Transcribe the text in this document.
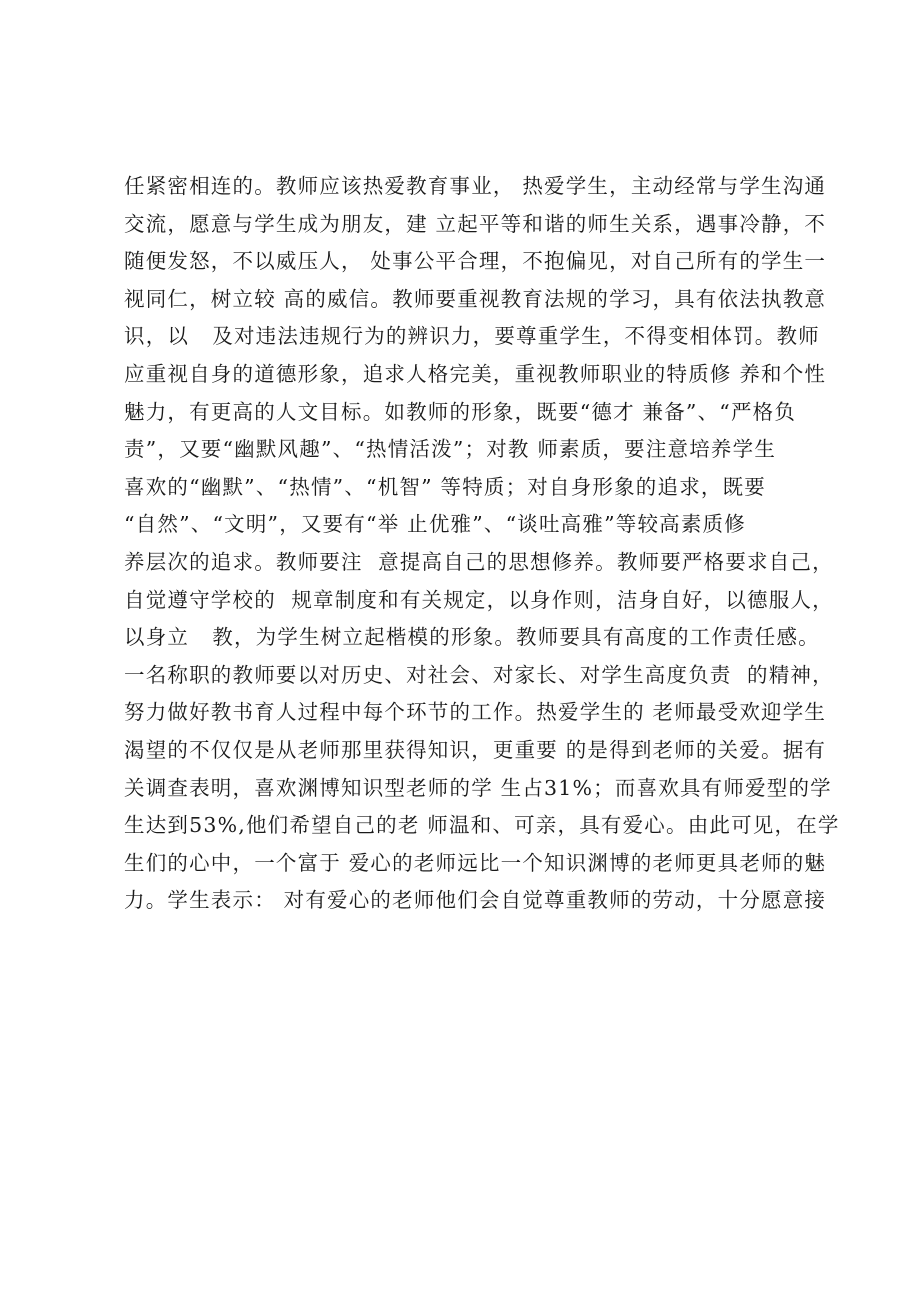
任紧密相连的。教师应该热爱教育事业， 热爱学生，主动经常与学生沟通
交流，愿意与学生成为朋友，建 立起平等和谐的师生关系，遇事冷静，不
随便发怒，不以威压人， 处事公平合理，不抱偏见，对自己所有的学生一
视同仁，树立较 高的威信。教师要重视教育法规的学习，具有依法执教意
识，以   及对违法违规行为的辨识力，要尊重学生，不得变相体罚。教师
应重视自身的道德形象，追求人格完美，重视教师职业的特质修 养和个性
魅力，有更高的人文目标。如教师的形象，既要“德才 兼备”、“严格负
责”，又要“幽默风趣”、“热情活泼”；对教 师素质，要注意培养学生
喜欢的“幽默”、“热情”、“机智” 等特质；对自身形象的追求，既要
“自然”、“文明”，又要有“举 止优雅”、“谈吐高雅”等较高素质修
养层次的追求。教师要注  意提高自己的思想修养。教师要严格要求自己，
自觉遵守学校的  规章制度和有关规定，以身作则，洁身自好，以德服人，
以身立   教，为学生树立起楷模的形象。教师要具有高度的工作责任感。
一名称职的教师要以对历史、对社会、对家长、对学生高度负责  的精神，
努力做好教书育人过程中每个环节的工作。热爱学生的 老师最受欢迎学生
渴望的不仅仅是从老师那里获得知识，更重要 的是得到老师的关爱。据有
关调查表明，喜欢渊博知识型老师的学 生占31%；而喜欢具有师爱型的学
生达到53%,他们希望自己的老 师温和、可亲，具有爱心。由此可见，在学
生们的心中，一个富于 爱心的老师远比一个知识渊博的老师更具老师的魅
力。学生表示： 对有爱心的老师他们会自觉尊重教师的劳动，十分愿意接
